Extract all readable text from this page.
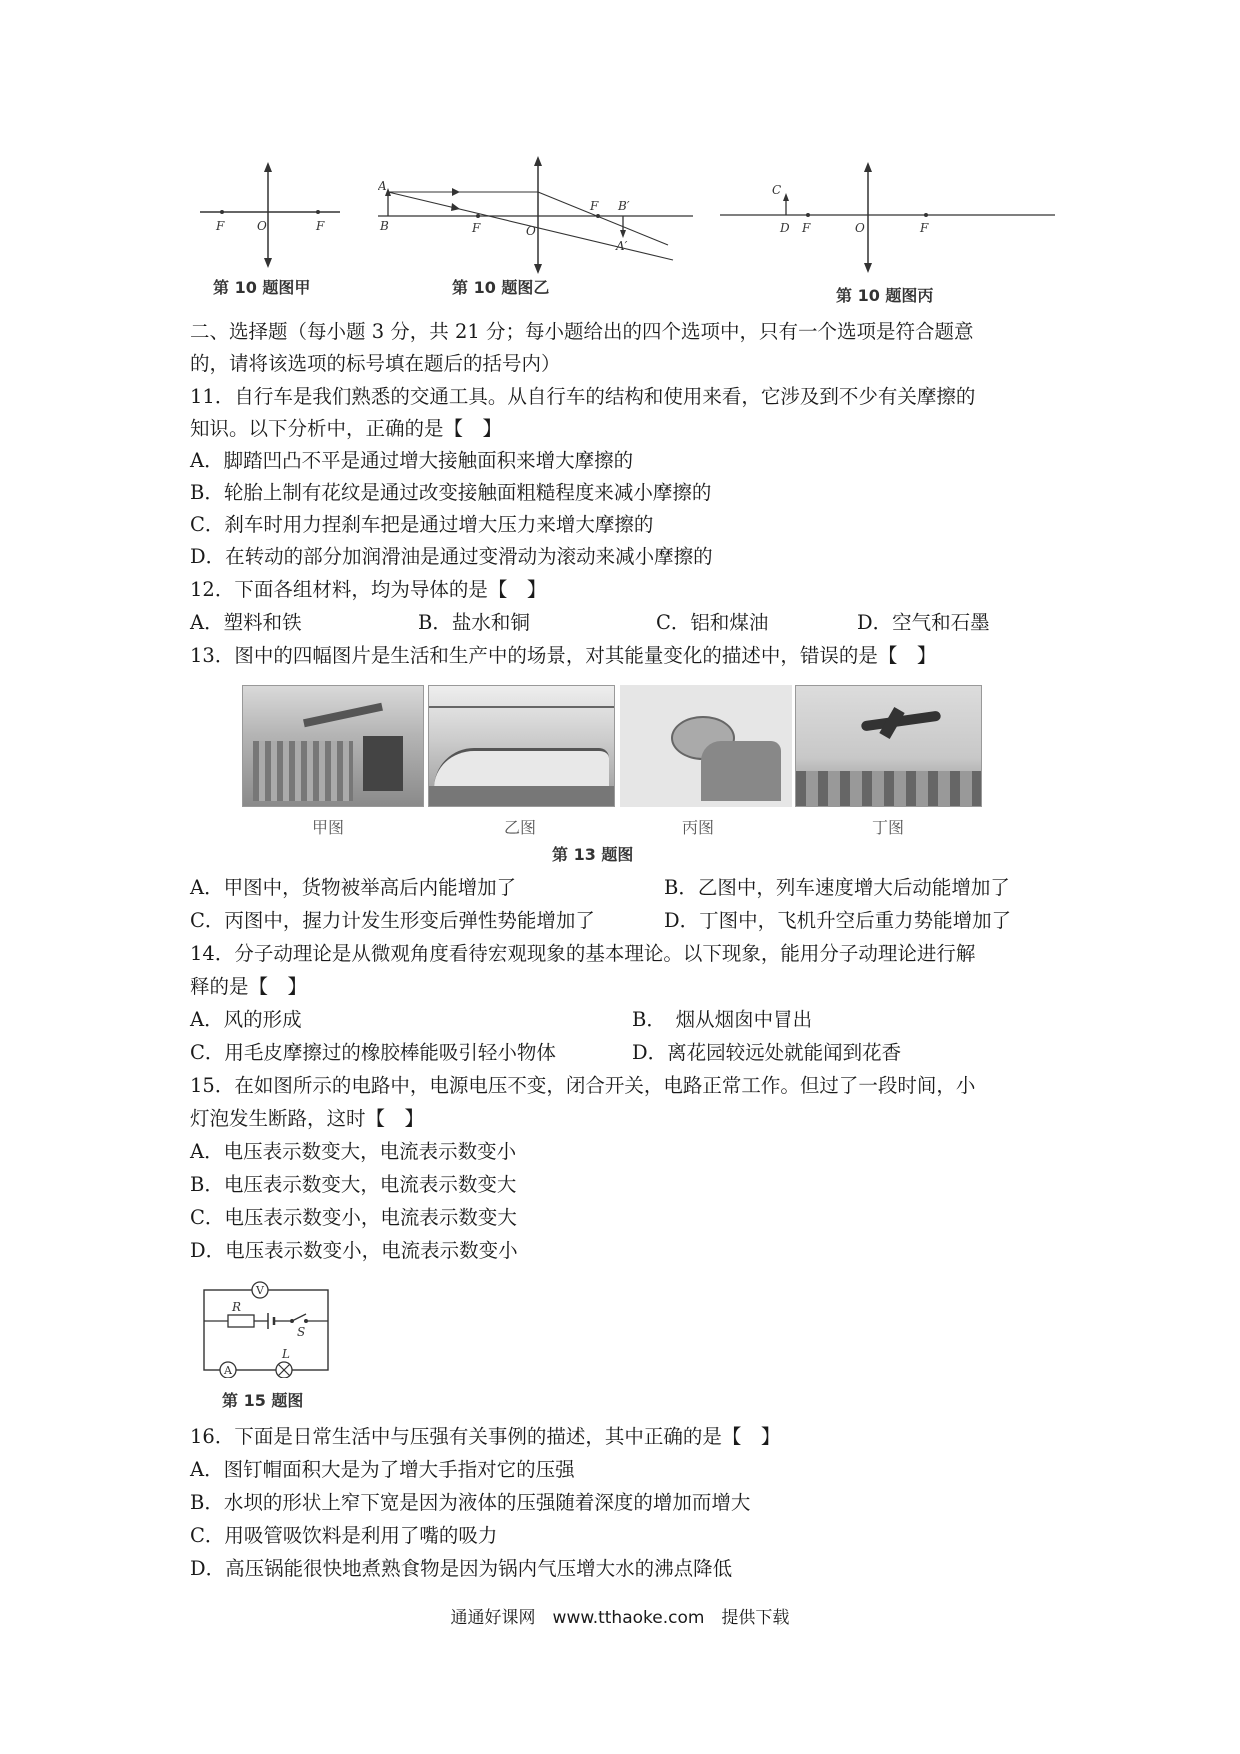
F	O	F
第 10 题图甲
A
B	F	O
F B′
A′
第 10 题图乙
C
D F	O	F
第 10 题图丙
二、选择题（每小题 3 分，共 21 分；每小题给出的四个选项中，只有一个选项是符合题意
的，请将该选项的标号填在题后的括号内）
11．自行车是我们熟悉的交通工具。从自行车的结构和使用来看，它涉及到不少有关摩擦的
知识。以下分析中，正确的是【　】
A．脚踏凹凸不平是通过增大接触面积来增大摩擦的
B．轮胎上制有花纹是通过改变接触面粗糙程度来减小摩擦的
C．刹车时用力捏刹车把是通过增大压力来增大摩擦的
D．在转动的部分加润滑油是通过变滑动为滚动来减小摩擦的
12．下面各组材料，均为导体的是【　】
A．塑料和铁	B．盐水和铜	C．铝和煤油	D．空气和石墨
13．图中的四幅图片是生活和生产中的场景，对其能量变化的描述中，错误的是【　】
甲图	乙图	丙图	丁图
第 13 题图
A．甲图中，货物被举高后内能增加了	B．乙图中，列车速度增大后动能增加了
C．丙图中，握力计发生形变后弹性势能增加了	D．丁图中，飞机升空后重力势能增加了
14．分子动理论是从微观角度看待宏观现象的基本理论。以下现象，能用分子动理论进行解
释的是【　】
A．风的形成	B．　烟从烟囱中冒出
C．用毛皮摩擦过的橡胶棒能吸引轻小物体	D．离花园较远处就能闻到花香
15．在如图所示的电路中，电源电压不变，闭合开关，电路正常工作。但过了一段时间，小
灯泡发生断路，这时【　】
A．电压表示数变大，电流表示数变小
B．电压表示数变大，电流表示数变大
C．电压表示数变小，电流表示数变大
D．电压表示数变小，电流表示数变小
V
R
S
A
L
第 15 题图
16．下面是日常生活中与压强有关事例的描述，其中正确的是【　】
A．图钉帽面积大是为了增大手指对它的压强
B．水坝的形状上窄下宽是因为液体的压强随着深度的增加而增大
C．用吸管吸饮料是利用了嘴的吸力
D．高压锅能很快地煮熟食物是因为锅内气压增大水的沸点降低
通通好课网　www.tthaoke.com　提供下载
